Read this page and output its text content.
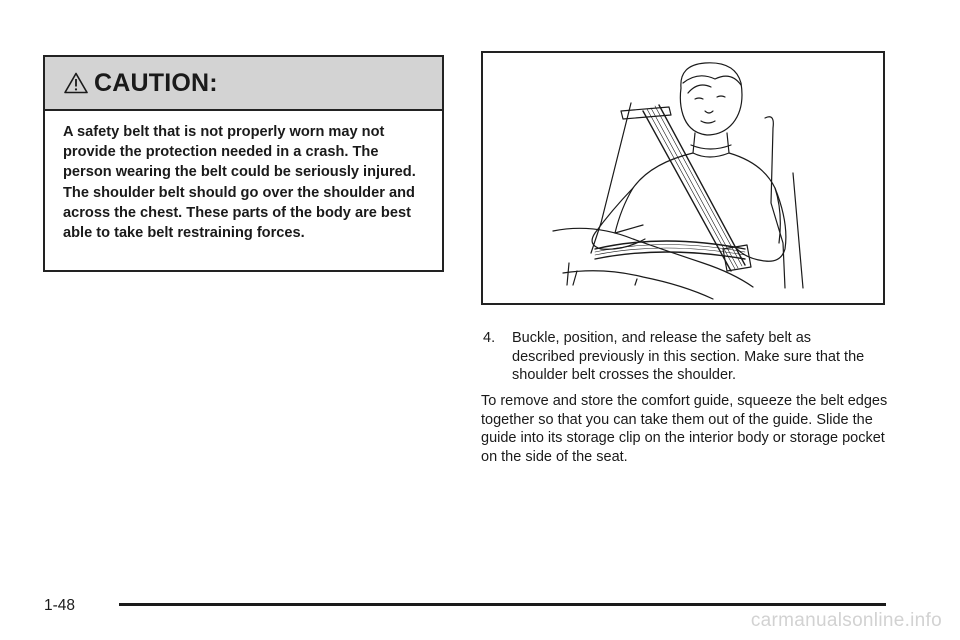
CAUTION:
A safety belt that is not properly worn may not provide the protection needed in a crash. The person wearing the belt could be seriously injured. The shoulder belt should go over the shoulder and across the chest. These parts of the body are best able to take belt restraining forces.
4.	Buckle, position, and release the safety belt as described previously in this section. Make sure that the shoulder belt crosses the shoulder.
To remove and store the comfort guide, squeeze the belt edges together so that you can take them out of the guide. Slide the guide into its storage clip on the interior body or storage pocket on the side of the seat.
1-48
carmanualsonline.info
